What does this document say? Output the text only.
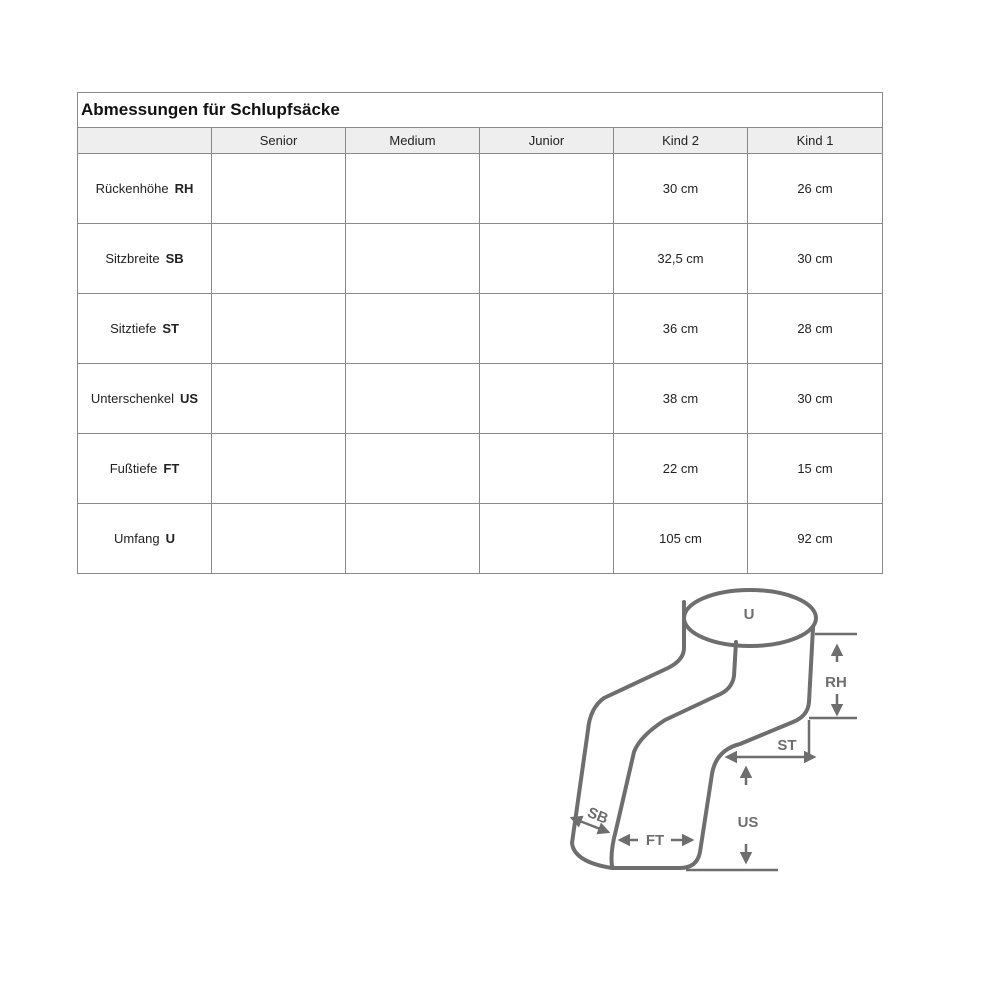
Abmessungen für Schlupfsäcke					
	Senior	Medium	Junior	Kind 2	Kind 1
Rückenhöhe RH				30 cm	26 cm
Sitzbreite SB				32,5 cm	30 cm
Sitztiefe ST				36 cm	28 cm
Unterschenkel US				38 cm	30 cm
Fußtiefe FT				22 cm	15 cm
Umfang U				105 cm	92 cm
U
RH
ST
US
SB
FT
